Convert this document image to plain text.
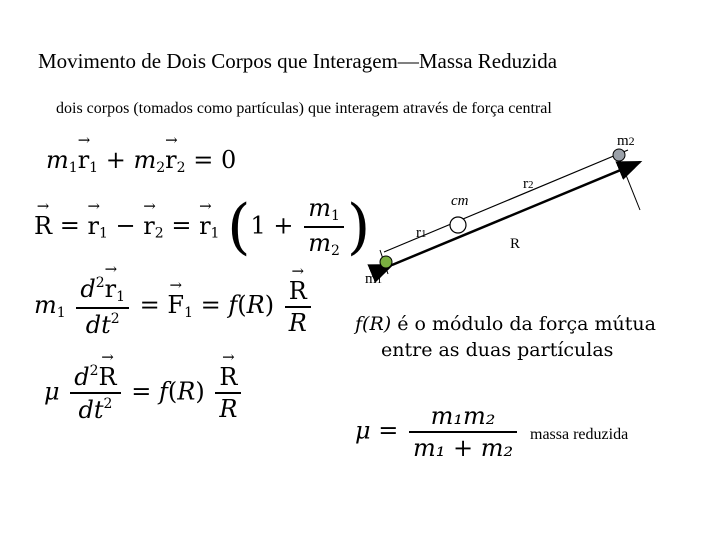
Movimento de Dois Corpos que Interagem—Massa Reduzida
dois corpos (tomados como partículas) que interagem através de força central
m2
r2
cm
r1
R
m1
$m_1\to r_1 + m_2\to r_2 = 0$
→ R = → $r_1$ − → $r_2$ = → $r_1$ ($1 + \frac{m_1}{m_2}$ )
$m_1 \frac{d^2\to r_1}{dt^2}$ = → $F_1 = f(R)$
→ $\frac{R}{R}$
μ $\frac{d^2\to R}{dt^2} = f(R)$
→ $\frac{R}{R}$
f(R) é o módulo da força mútua
entre as duas partículas
$\mu = \frac{\text{m₁m₂}}{\text{m₁ + m₂}}$ massa reduzida
